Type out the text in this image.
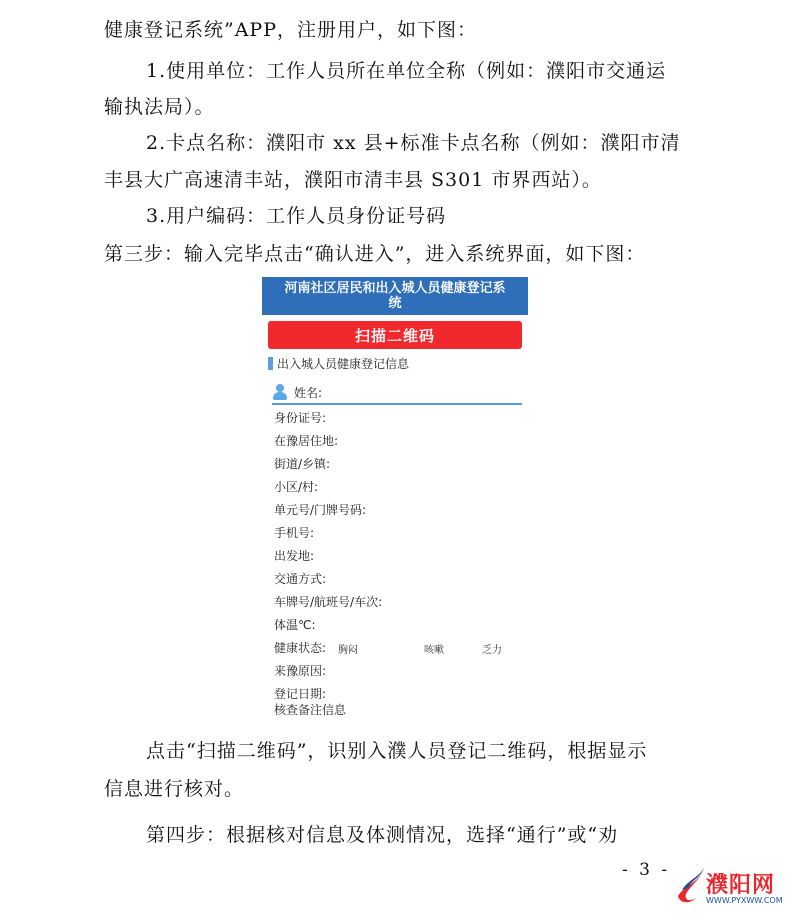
健康登记系统”APP，注册用户，如下图：
1.使用单位：工作人员所在单位全称（例如：濮阳市交通运
输执法局）。
2.卡点名称：濮阳市 xx 县+标准卡点名称（例如：濮阳市清
丰县大广高速清丰站，濮阳市清丰县 S301 市界西站）。
3.用户编码：工作人员身份证号码
第三步：输入完毕点击“确认进入”，进入系统界面，如下图：
河南社区居民和出入城人员健康登记系
统
扫描二维码
出入城人员健康登记信息
姓名:
身份证号:
在豫居住地:
街道/乡镇:
小区/村:
单元号/门牌号码:
手机号:
出发地:
交通方式:
车牌号/航班号/车次:
体温℃:
健康状态: 胸闷	咳嗽	乏力
来豫原因:
登记日期:
核查备注信息
点击“扫描二维码”，识别入濮人员登记二维码，根据显示
信息进行核对。
第四步：根据核对信息及体测情况，选择“通行”或“劝
- 3 -
濮阳网
WWW.PYXWW.COM
